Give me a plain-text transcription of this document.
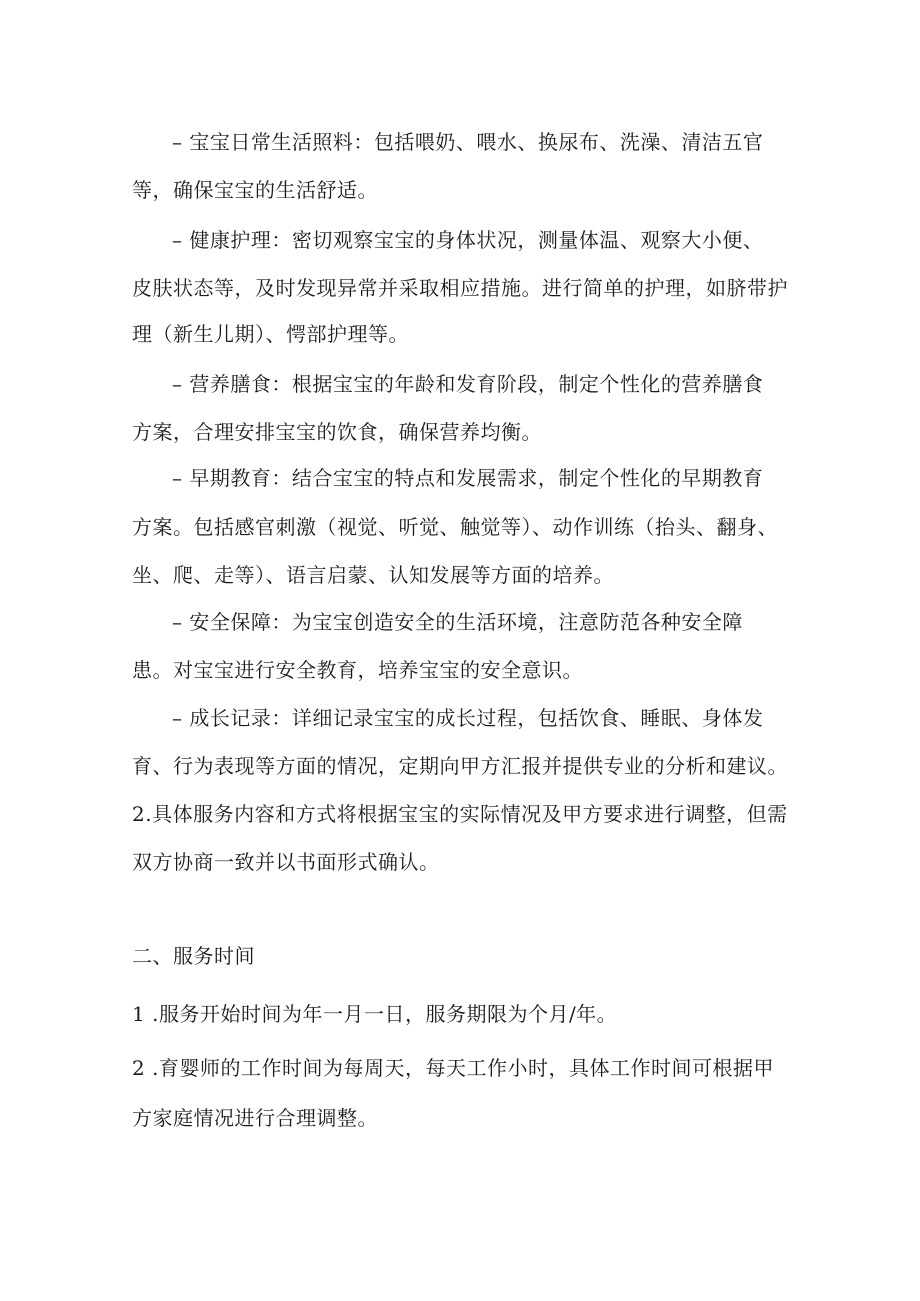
– 宝宝日常生活照料：包括喂奶、喂水、换尿布、洗澡、清洁五官
等，确保宝宝的生活舒适。
– 健康护理：密切观察宝宝的身体状况，测量体温、观察大小便、
皮肤状态等，及时发现异常并采取相应措施。进行简单的护理，如脐带护
理（新生儿期）、愕部护理等。
– 营养膳食：根据宝宝的年龄和发育阶段，制定个性化的营养膳食
方案，合理安排宝宝的饮食，确保营养均衡。
– 早期教育：结合宝宝的特点和发展需求，制定个性化的早期教育
方案。包括感官刺激（视觉、听觉、触觉等）、动作训练（抬头、翻身、
坐、爬、走等）、语言启蒙、认知发展等方面的培养。
– 安全保障：为宝宝创造安全的生活环境，注意防范各种安全障
患。对宝宝进行安全教育，培养宝宝的安全意识。
– 成长记录：详细记录宝宝的成长过程，包括饮食、睡眠、身体发
育、行为表现等方面的情况，定期向甲方汇报并提供专业的分析和建议。
2.具体服务内容和方式将根据宝宝的实际情况及甲方要求进行调整，但需
双方协商一致并以书面形式确认。
二、服务时间
1 .服务开始时间为年一月一日，服务期限为个月/年。
2 .育婴师的工作时间为每周天，每天工作小时，具体工作时间可根据甲
方家庭情况进行合理调整。
